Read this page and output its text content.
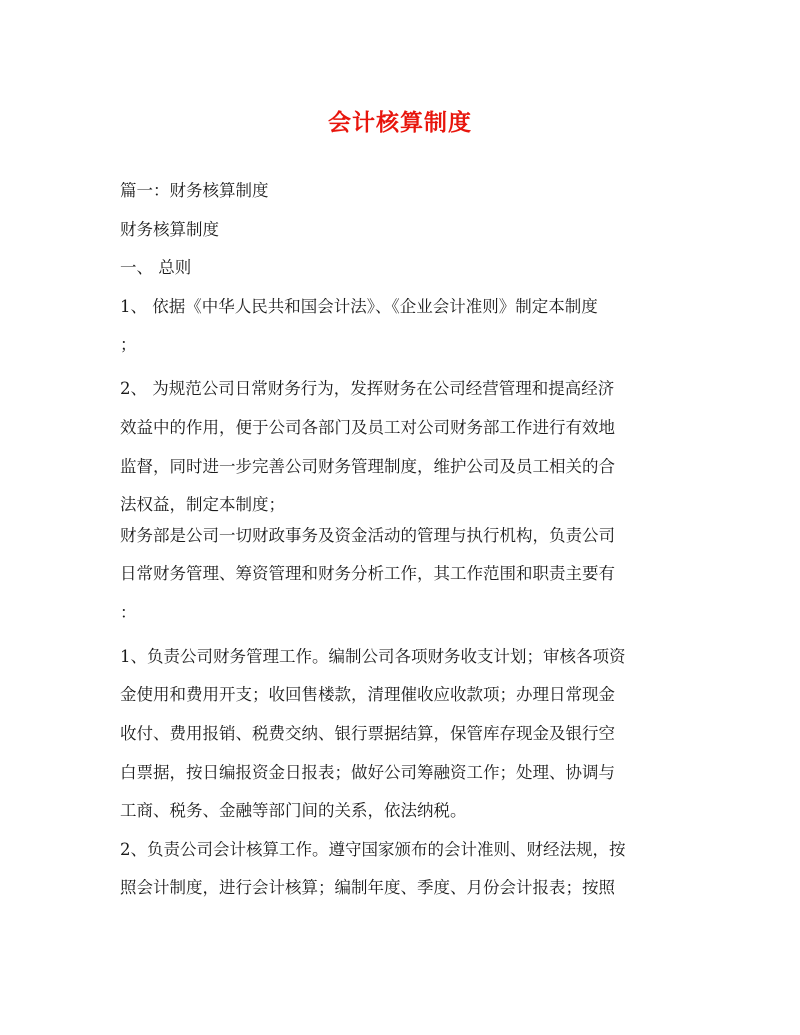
会计核算制度

篇一：财务核算制度

财务核算制度

一、 总则

1、 依据《中华人民共和国会计法》、《企业会计准则》制定本制度

；

2、 为规范公司日常财务行为，发挥财务在公司经营管理和提高经济

效益中的作用，便于公司各部门及员工对公司财务部工作进行有效地

监督，同时进一步完善公司财务管理制度，维护公司及员工相关的合

法权益，制定本制度；

财务部是公司一切财政事务及资金活动的管理与执行机构，负责公司

日常财务管理、筹资管理和财务分析工作，其工作范围和职责主要有

：

1、负责公司财务管理工作。编制公司各项财务收支计划；审核各项资

金使用和费用开支；收回售楼款，清理催收应收款项；办理日常现金

收付、费用报销、税费交纳、银行票据结算，保管库存现金及银行空

白票据，按日编报资金日报表；做好公司筹融资工作；处理、协调与

工商、税务、金融等部门间的关系，依法纳税。

2、负责公司会计核算工作。遵守国家颁布的会计准则、财经法规，按

照会计制度，进行会计核算；编制年度、季度、月份会计报表；按照
